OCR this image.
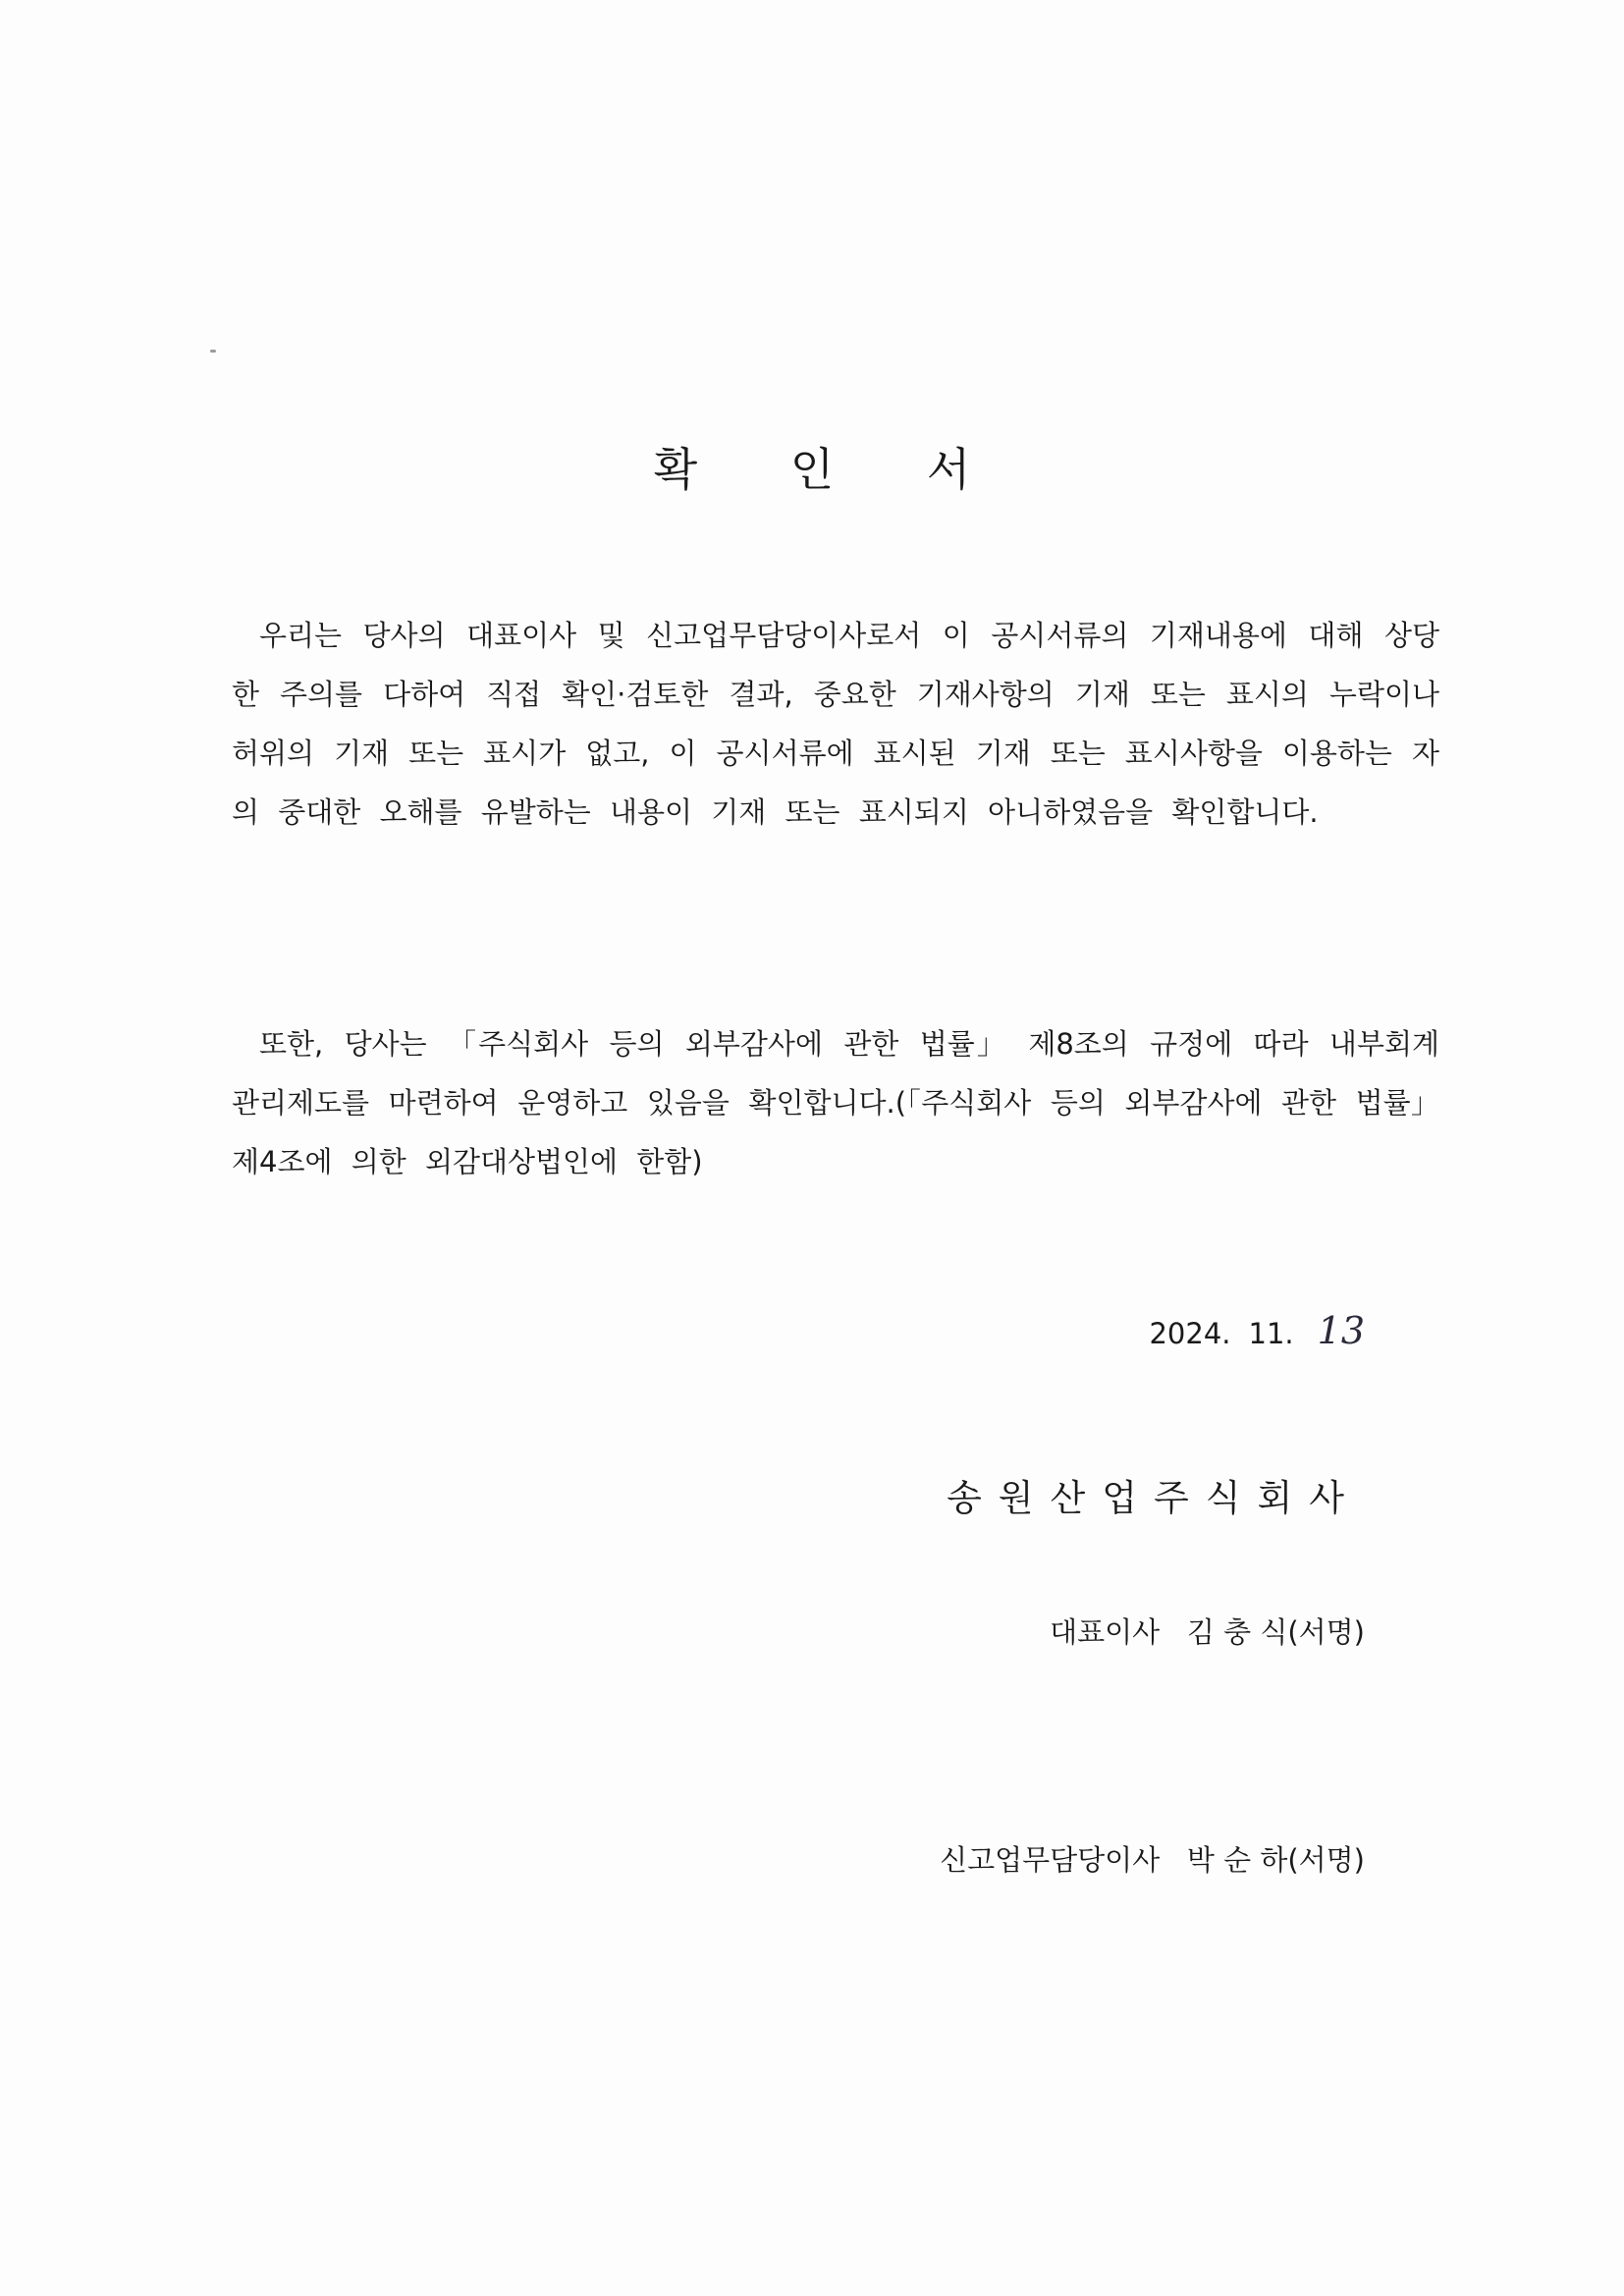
확 인 서

우리는 당사의 대표이사 및 신고업무담당이사로서 이 공시서류의 기재내용에 대해 상당한 주의를 다하여 직접 확인·검토한 결과, 중요한 기재사항의 기재 또는 표시의 누락이나 허위의 기재 또는 표시가 없고, 이 공시서류에 표시된 기재 또는 표시사항을 이용하는 자의 중대한 오해를 유발하는 내용이 기재 또는 표시되지 아니하였음을 확인합니다.

또한, 당사는 「주식회사 등의 외부감사에 관한 법률」 제8조의 규정에 따라 내부회계 관리제도를 마련하여 운영하고 있음을 확인합니다.(「주식회사 등의 외부감사에 관한 법률」 제4조에 의한 외감대상법인에 한함)

2024. 11. 13
송원산업주식회사
대표이사   김 충 식(서명)
신고업무담당이사   박 순 하(서명)
